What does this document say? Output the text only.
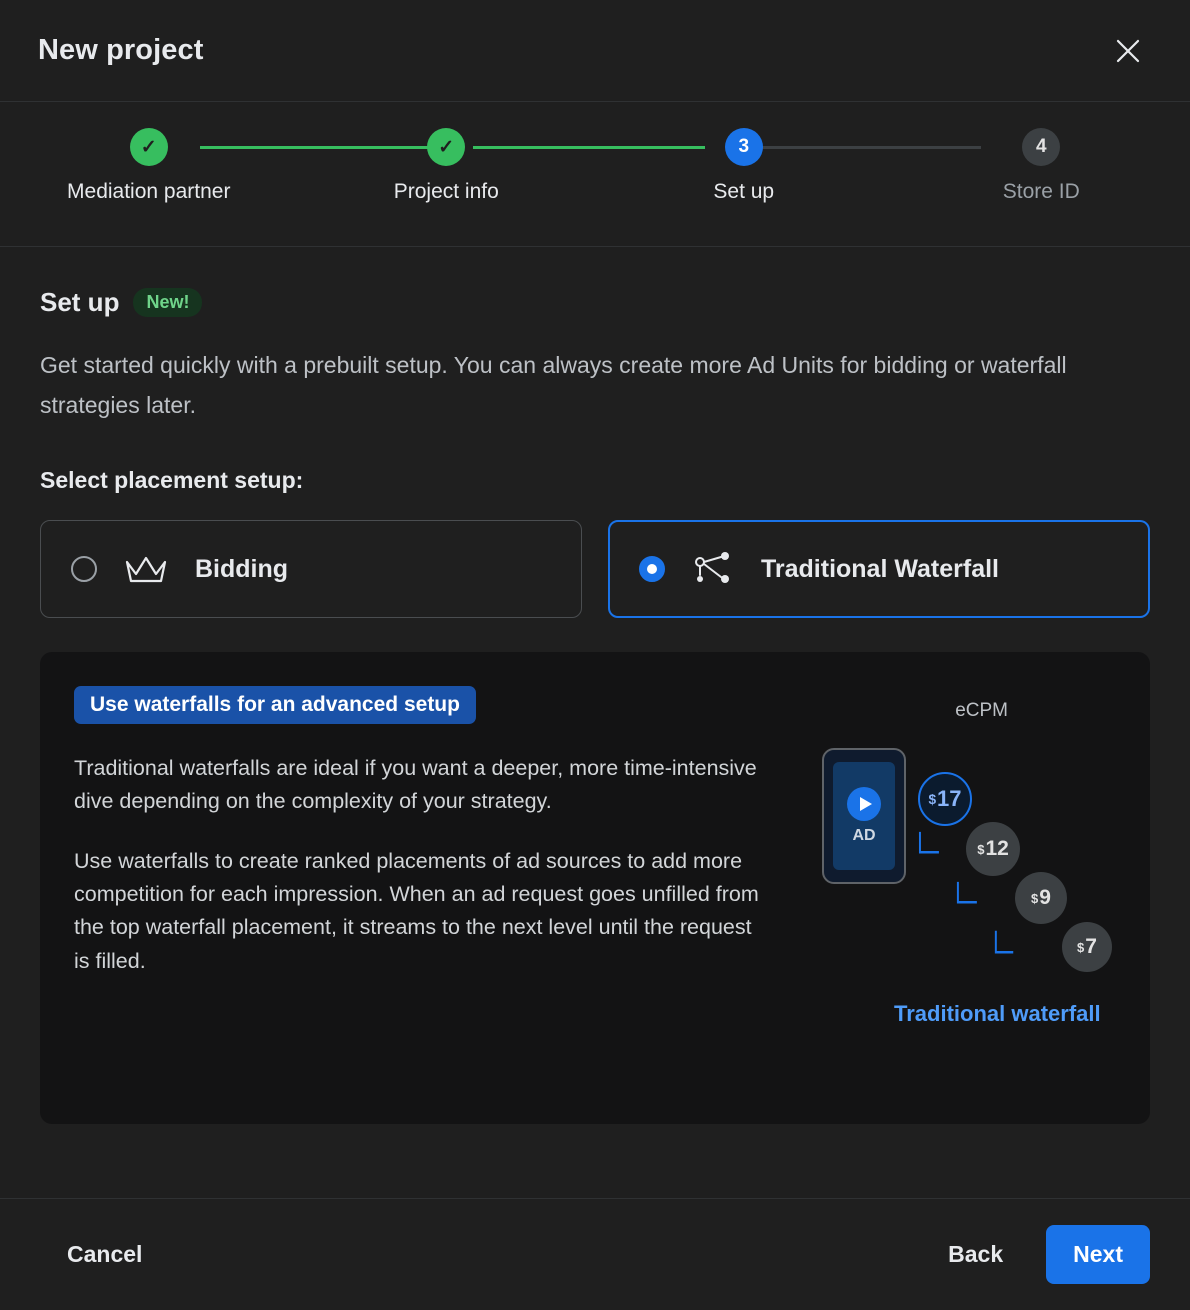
New project
✓
Mediation partner
✓
Project info
3
Set up
4
Store ID
Set up	New!

Get started quickly with a prebuilt setup. You can always create more Ad Units for bidding or waterfall strategies later.

Select placement setup:
Bidding	Traditional Waterfall
Use waterfalls for an advanced setup

Traditional waterfalls are ideal if you want a deeper, more time-intensive dive depending on the complexity of your strategy.

Use waterfalls to create ranked placements of ad sources to add more competition for each impression. When an ad request goes unfilled from the top waterfall placement, it streams to the next level until the request is filled.

eCPM
AD
$ 17
$ 12
$ 9
$ 7
Traditional waterfall
Cancel	Back	Next
